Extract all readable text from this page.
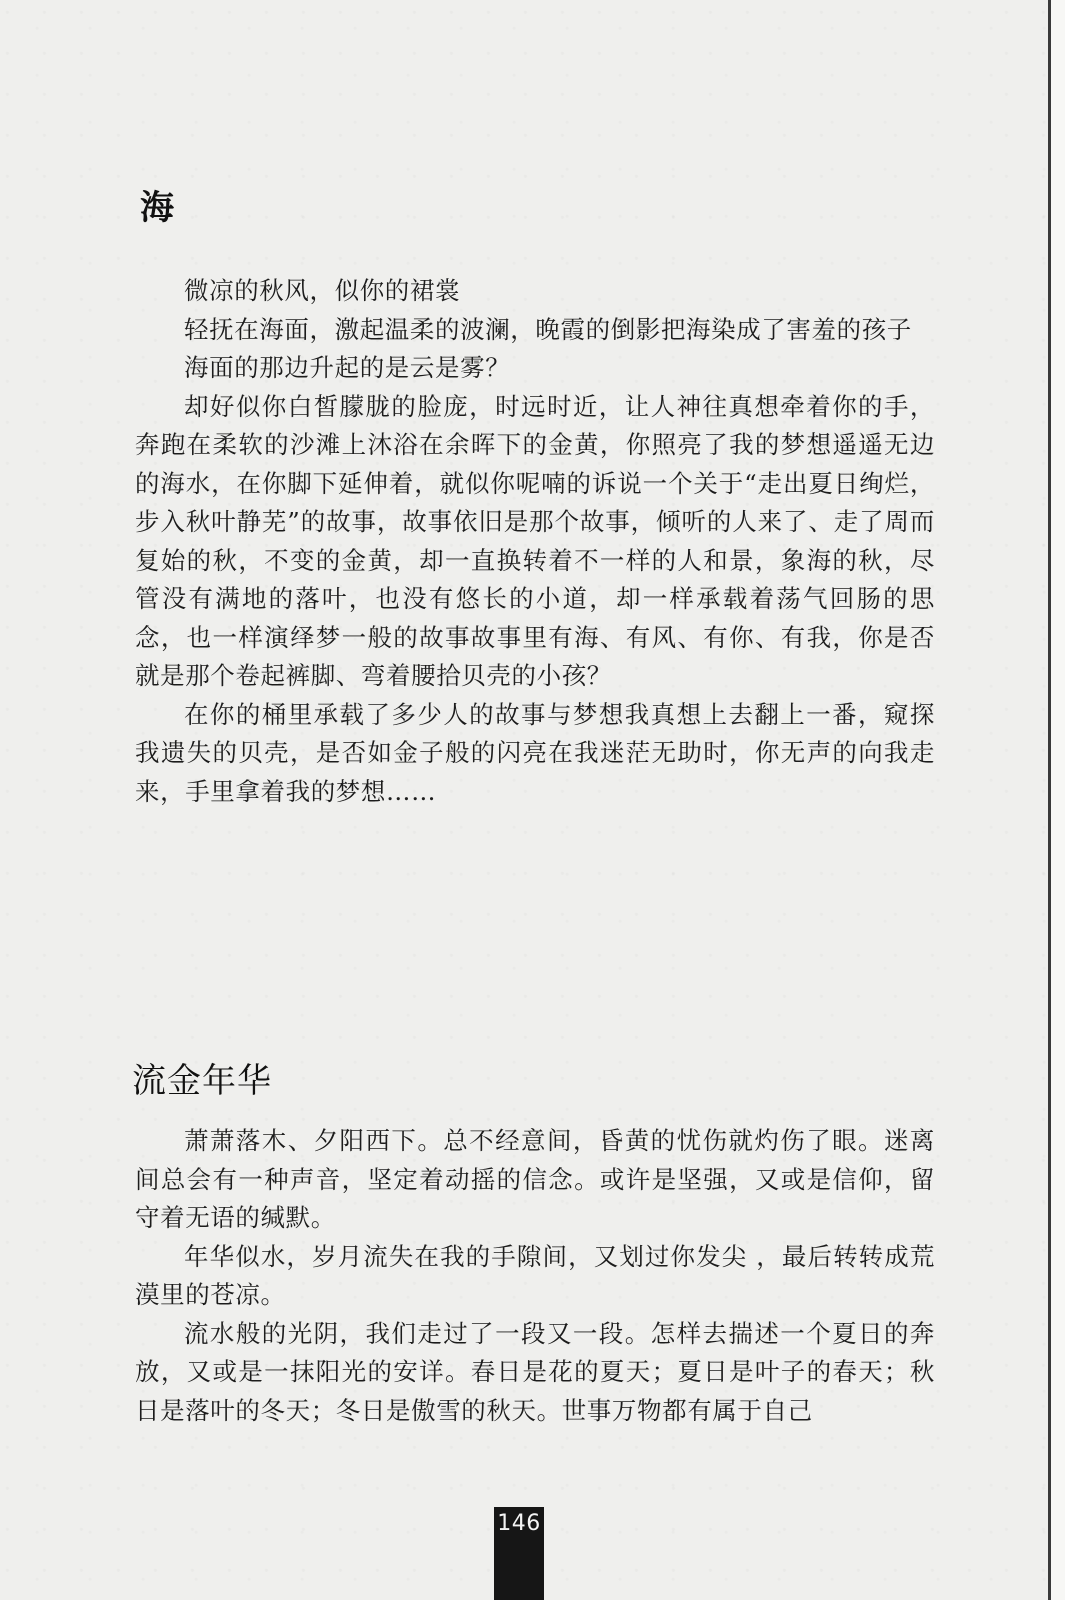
海

微凉的秋风，似你的裙裳

轻抚在海面，激起温柔的波澜，晚霞的倒影把海染成了害羞的孩子

海面的那边升起的是云是雾？

却好似你白皙朦胧的脸庞，时远时近，让人神往真想牵着你的手，奔跑在柔软的沙滩上沐浴在余晖下的金黄，你照亮了我的梦想遥遥无边的海水，在你脚下延伸着，就似你呢喃的诉说一个关于“走出夏日绚烂，步入秋叶静芜”的故事，故事依旧是那个故事，倾听的人来了、走了周而复始的秋，不变的金黄，却一直换转着不一样的人和景，象海的秋，尽管没有满地的落叶，也没有悠长的小道，却一样承载着荡气回肠的思念，也一样演绎梦一般的故事故事里有海、有风、有你、有我，你是否就是那个卷起裤脚、弯着腰拾贝壳的小孩？

在你的桶里承载了多少人的故事与梦想我真想上去翻上一番，窥探我遗失的贝壳，是否如金子般的闪亮在我迷茫无助时，你无声的向我走来，手里拿着我的梦想……

流金年华

萧萧落木、夕阳西下。总不经意间，昏黄的忧伤就灼伤了眼。迷离间总会有一种声音，坚定着动摇的信念。或许是坚强，又或是信仰，留守着无语的缄默。

年华似水，岁月流失在我的手隙间，又划过你发尖 ，最后转转成荒漠里的苍凉。

流水般的光阴，我们走过了一段又一段。怎样去揣述一个夏日的奔放，又或是一抹阳光的安详。春日是花的夏天；夏日是叶子的春天；秋日是落叶的冬天；冬日是傲雪的秋天。世事万物都有属于自己

146
